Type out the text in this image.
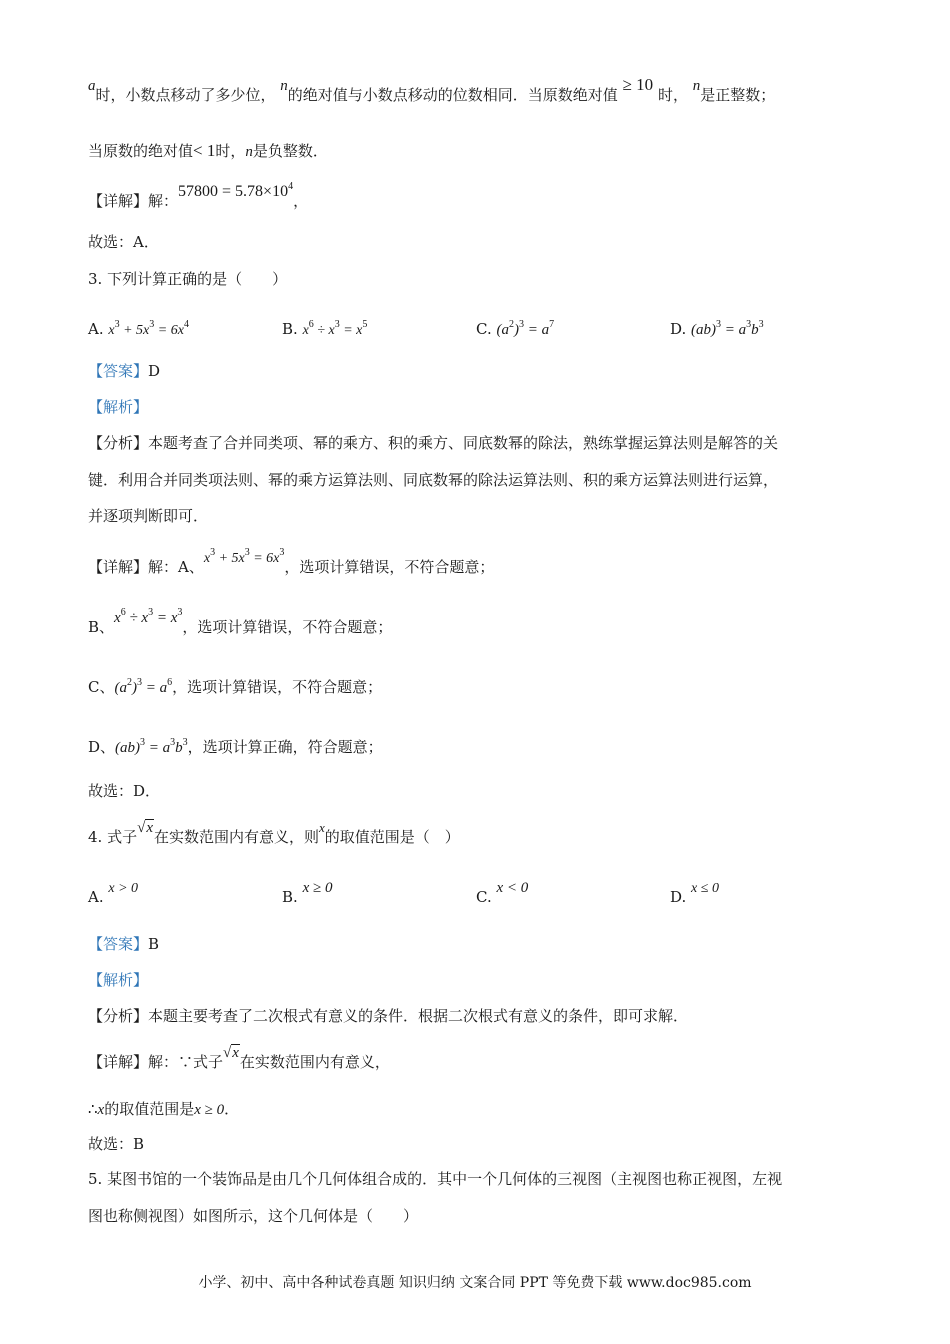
a时，小数点移动了多少位， n的绝对值与小数点移动的位数相同．当原数绝对值 ≥ 10 时， n是正整数；
当原数的绝对值< 1时，n是负整数．
【详解】解：$57800 = 5.78\times 10^4$，
故选：A．
3. 下列计算正确的是（　　）
A. $x^3 + 5x^3 = 6x^4$	B. $x^6 \div x^3 = x^5$	C. $(a^2)^3 = a^7$	D. $(ab)^3 = a^3b^3$
【答案】D
【解析】
【分析】本题考查了合并同类项、幂的乘方、积的乘方、同底数幂的除法，熟练掌握运算法则是解答的关
键．利用合并同类项法则、幂的乘方运算法则、同底数幂的除法运算法则、积的乘方运算法则进行运算，
并逐项判断即可．
【详解】解：A、$x^3 + 5x^3 = 6x^3$，选项计算错误，不符合题意；
B、$x^6 \div x^3 = x^3$，选项计算错误，不符合题意；
C、$(a^2)^3 = a^6$，选项计算错误，不符合题意；
D、$(ab)^3 = a^3b^3$，选项计算正确，符合题意；
故选：D．
4. 式子√x在实数范围内有意义，则x的取值范围是（　）
A. x > 0	B. x ≥ 0	C. x < 0	D. x ≤ 0
【答案】B
【解析】
【分析】本题主要考查了二次根式有意义的条件．根据二次根式有意义的条件，即可求解．
【详解】解：∵式子√x在实数范围内有意义，
∴x的取值范围是x ≥ 0．
故选：B
5. 某图书馆的一个装饰品是由几个几何体组合成的．其中一个几何体的三视图（主视图也称正视图，左视
图也称侧视图）如图所示，这个几何体是（　　）
小学、初中、高中各种试卷真题 知识归纳 文案合同 PPT 等免费下载 www.doc985.com
